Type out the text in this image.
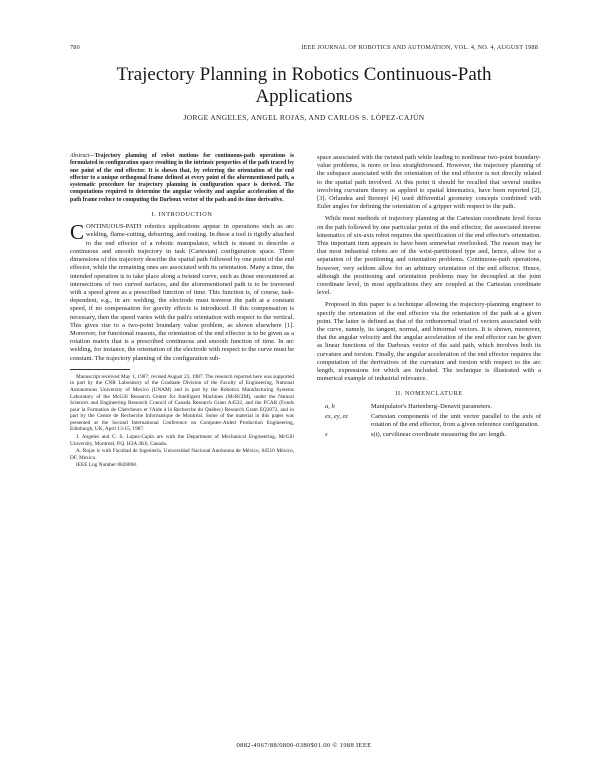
780	IEEE JOURNAL OF ROBOTICS AND AUTOMATION, VOL. 4, NO. 4, AUGUST 1988
Trajectory Planning in Robotics Continuous-Path Applications
JORGE ANGELES, ANGEL ROJAS, AND CARLOS S. LÓPEZ-CAJÚN
Abstract—Trajectory planning of robot motions for continuous-path operations is formulated in configuration space resulting in the intrinsic properties of the path traced by one point of the end effector. It is shown that, by referring the orientation of the end effector to a unique orthogonal frame defined at every point of the aforementioned path, a systematic procedure for trajectory planning in configuration space is derived. The computations required to determine the angular velocity and angular acceleration of the path frame reduce to computing the Darboux vector of the path and its time derivative.
I. INTRODUCTION

CONTINUOUS-PATH robotics applications appear in operations such as arc welding, flame-cutting, deburring, and routing. In these a tool is rigidly attached to the end effector of a robotic manipulator, which is meant to describe a continuous and smooth trajectory in task (Cartesian) configuration space. Three dimensions of this trajectory describe the spatial path followed by one point of the end effector, while the remaining ones are associated with its orientation. Many a time, the intended operation is to take place along a twisted curve, such as those encountered at intersections of two curved surfaces, and the aforementioned path is to be traversed with a speed given as a prescribed function of time. This function is, of course, task-dependent, e.g., in arc welding, the electrode must traverse the path at a constant speed, if no compensation for gravity effects is introduced. If this compensation is necessary, then the speed varies with the path's orientation with respect to the vertical. This gives rise to a two-point boundary value problem, as shown elsewhere [1]. Moreover, for functional reasons, the orientation of the end effector is to be given as a rotation matrix that is a prescribed continuous and smooth function of time. In arc welding, for instance, the orientation of the electrode with respect to the curve must be constant. The trajectory planning of the configuration sub-

Manuscript received May 1, 1987; revised August 23, 1987. The research reported here was supported in part by the CNR Laboratory of the Graduate Division of the Faculty of Engineering, National Autonomous University of Mexico (UNAM) and in part by the Robotics Manufacturing Systems Laboratory of the McGill Research Center for Intelligent Machines (McRCIM), under the Natural Sciences and Engineering Research Council of Canada Research Grant A4532, and the FCAR (Fonds pour la Formation de Chercheurs et l'Aide à la Recherche du Québec) Research Grant EQ3072, and in part by the Centre de Recherche Informatique de Montréal. Some of the material in this paper was presented at the Second International Conference on Computer-Aided Production Engineering, Edinburgh, UK, April 13-15, 1987.

J. Angeles and C. S. López-Cajún are with the Department of Mechanical Engineering, McGill University, Montreal, P.Q. H3A 2K6, Canada.

A. Rojas is with Facultad de Ingeniería, Universidad Nacional Autónoma de México, 04510 México, DF, Mexico.

IEEE Log Number 8820868.

space associated with the twisted path while leading to nonlinear two-point boundary-value problems, is more or less straightforward. However, the trajectory planning of the subspace associated with the orientation of the end effector is not directly related to the spatial path involved. At this point it should be recalled that several studies involving curvature theory as applied to spatial kinematics, have been reported [2], [3]. Orlandea and Berenyi [4] used differential geometry concepts combined with Euler angles for defining the orientation of a gripper with respect to the path.

While most methods of trajectory planning at the Cartesian coordinate level focus on the path followed by one particular point of the end effector, the associated inverse kinematics of six-axis robot requires the specification of the end effector's orientation. This important item appears to have been somewhat overlooked. The reason may be that most industrial robots are of the wrist-partitioned type and, hence, allow for a separation of the positioning and orientation problems. Continuous-path operations, however, very seldom allow for an arbitrary orientation of the end effector. Hence, although the positioning and orientation problems may be decoupled at the joint coordinate level, in most applications they are coupled at the Cartesian coordinate level.

Proposed in this paper is a technique allowing the trajectory-planning engineer to specify the orientation of the end effector via the orientation of the path at a given point. The latter is defined as that of the orthonormal triad of vectors associated with the curve, namely, its tangent, normal, and binormal vectors. It is shown, moreover, that the angular velocity and the angular acceleration of the end effector can be given as linear functions of the Darboux vector of the said path, which involves both its curvature and torsion. Finally, the angular acceleration of the end effector requires the computation of the derivatives of the curvature and torsion with respect to the arc length, expressions for which are included. The technique is illustrated with a numerical example of industrial relevance.

II. NOMENCLATURE
a, b	Manipulator's Hartenberg–Denavit parameters.
ex, ey, ez	Cartesian components of the unit vector parallel to the axis of rotation of the end effector, from a given reference configuration.
s	s(t), curvilinear coordinate measuring the arc length.
0882-4967/88/0800-0380$01.00 © 1988 IEEE
